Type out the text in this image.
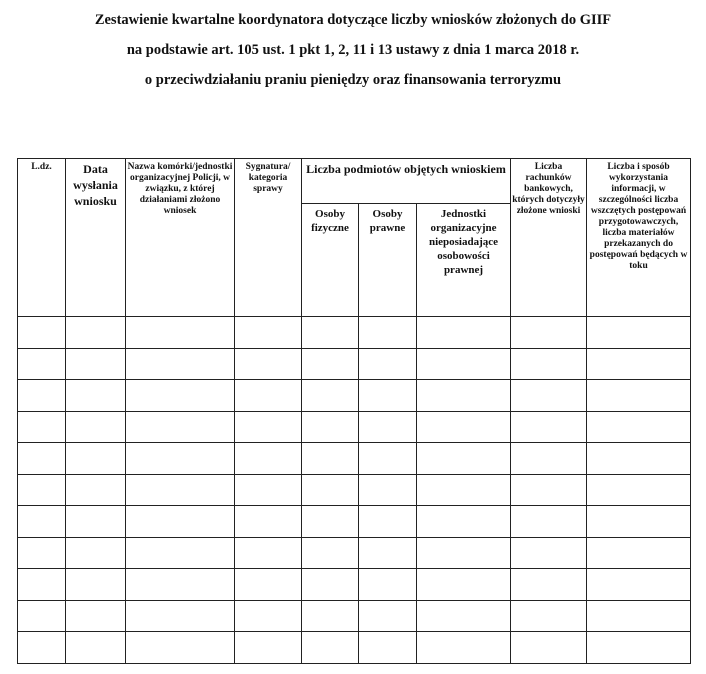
Zestawienie kwartalne koordynatora dotyczące liczby wniosków złożonych do GIIF
na podstawie art. 105 ust. 1 pkt 1, 2, 11 i 13 ustawy z dnia 1 marca 2018 r.
o przeciwdziałaniu praniu pieniędzy oraz finansowania terroryzmu
L.dz.	Data wysłania wniosku	Nazwa komórki/jednostki organizacyjnej Policji, w związku, z której działaniami złożono wniosek	Sygnatura/ kategoria sprawy	Liczba podmiotów objętych wnioskiem			Liczba rachunków bankowych, których dotyczyły złożone wnioski	Liczba i sposób wykorzystania informacji, w szczególności liczba wszczętych postępowań przygotowawczych, liczba materiałów przekazanych do postępowań będących w toku
				Osoby fizyczne	Osoby prawne	Jednostki organizacyjne nieposiadające osobowości prawnej		
